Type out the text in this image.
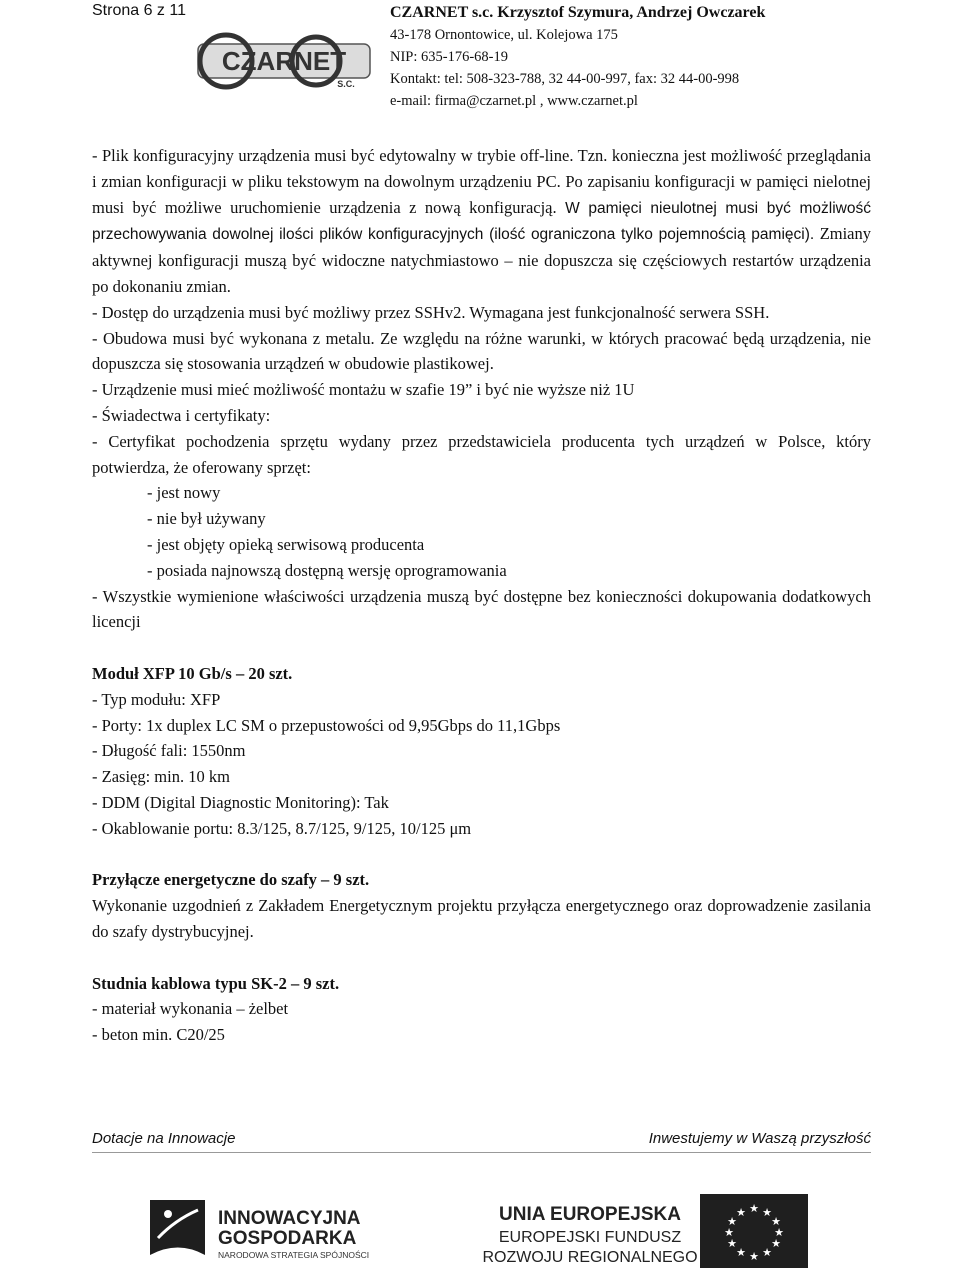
Strona 6 z 11
CZARNET
S.C.
CZARNET s.c. Krzysztof Szymura, Andrzej Owczarek
43-178 Ornontowice, ul. Kolejowa 175
NIP: 635-176-68-19
Kontakt: tel: 508-323-788, 32 44-00-997, fax: 32 44-00-998
e-mail: firma@czarnet.pl , www.czarnet.pl

- Plik konfiguracyjny urządzenia musi być edytowalny w trybie off-line. Tzn. konieczna jest możliwość przeglądania i zmian konfiguracji w pliku tekstowym na dowolnym urządzeniu PC. Po zapisaniu konfiguracji w pamięci nielotnej musi być możliwe uruchomienie urządzenia z nową konfiguracją. W pamięci nieulotnej musi być możliwość przechowywania dowolnej ilości plików konfiguracyjnych (ilość ograniczona tylko pojemnością pamięci). Zmiany aktywnej konfiguracji muszą być widoczne natychmiastowo – nie dopuszcza się częściowych restartów urządzenia po dokonaniu zmian.

- Dostęp do urządzenia musi być możliwy przez SSHv2. Wymagana jest funkcjonalność serwera SSH.

- Obudowa musi być wykonana z metalu. Ze względu na różne warunki, w których pracować będą urządzenia, nie dopuszcza się stosowania urządzeń w obudowie plastikowej.

- Urządzenie musi mieć możliwość montażu w szafie 19” i być nie wyższe niż 1U

- Świadectwa i certyfikaty:

- Certyfikat pochodzenia sprzętu wydany przez przedstawiciela producenta tych urządzeń w Polsce, który potwierdza, że oferowany sprzęt:

- jest nowy

- nie był używany

- jest objęty opieką serwisową producenta

- posiada najnowszą dostępną wersję oprogramowania

- Wszystkie wymienione właściwości urządzenia muszą być dostępne bez konieczności dokupowania dodatkowych licencji

Moduł XFP 10 Gb/s – 20 szt.

- Typ modułu: XFP

- Porty: 1x duplex LC SM o przepustowości od 9,95Gbps do 11,1Gbps

- Długość fali: 1550nm

- Zasięg: min. 10 km

- DDM (Digital Diagnostic Monitoring): Tak

- Okablowanie portu: 8.3/125, 8.7/125, 9/125, 10/125 μm

Przyłącze energetyczne do szafy – 9 szt.

Wykonanie uzgodnień z Zakładem Energetycznym projektu przyłącza energetycznego oraz doprowadzenie zasilania do szafy dystrybucyjnej.

Studnia kablowa typu SK-2 – 9 szt.

- materiał wykonania – żelbet

- beton min. C20/25

Dotacje na Innowacje	Inwestujemy w Waszą przyszłość
INNOWACYJNA
GOSPODARKA
NARODOWA STRATEGIA SPÓJNOŚCI
UNIA EUROPEJSKA
EUROPEJSKI FUNDUSZ
ROZWOJU REGIONALNEGO
★ ★
★
★
★
★
★
★
★
★
★
★
